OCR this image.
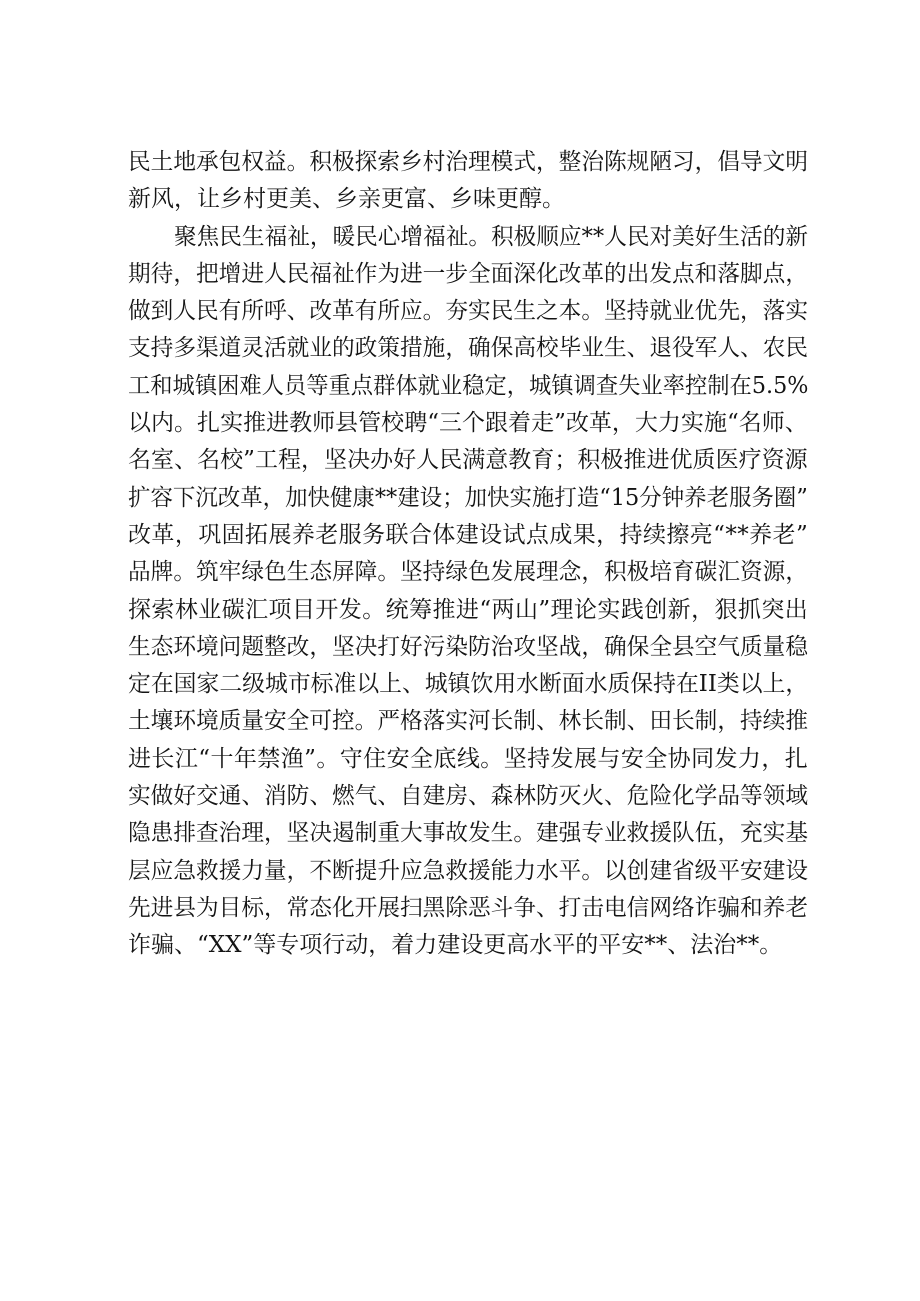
民 土 地 承 包 权 益 。 积 极 探 索 乡 村 治 理 模 式 ， 整 治 陈 规 陋 习 ， 倡 导 文 明
新风，让乡村更美、乡亲更富、乡味更醇。
聚 焦 民 生 福 祉 ， 暖 民 心 增 福 祉 。 积 极 顺 应 * * 人 民 对 美 好 生 活 的 新
期 待 ， 把 增 进 人 民 福 祉 作 为 进 一 步 全 面 深 化 改 革 的 出 发 点 和 落 脚 点 ，
做 到 人 民 有 所 呼 、 改 革 有 所 应 。 夯 实 民 生 之 本 。 坚 持 就 业 优 先 ， 落 实
支 持 多 渠 道 灵 活 就 业 的 政 策 措 施 ， 确 保 高 校 毕 业 生 、 退 役 军 人 、 农 民
工 和 城 镇 困 难 人 员 等 重 点 群 体 就 业 稳 定 ， 城 镇 调 查 失 业 率 控 制 在 5 . 5 %
以 内 。 扎 实 推 进 教 师 县 管 校 聘 “ 三 个 跟 着 走 ” 改 革 ， 大 力 实 施 “ 名 师 、
名 室 、 名 校 ” 工 程 ， 坚 决 办 好 人 民 满 意 教 育 ； 积 极 推 进 优 质 医 疗 资 源
扩 容 下 沉 改 革 ， 加 快 健 康 * * 建 设 ； 加 快 实 施 打 造 “ 1 5 分 钟 养 老 服 务 圈 ”
改 革 ， 巩 固 拓 展 养 老 服 务 联 合 体 建 设 试 点 成 果 ， 持 续 擦 亮 “ * * 养 老 ”
品 牌 。 筑 牢 绿 色 生 态 屏 障 。 坚 持 绿 色 发 展 理 念 ， 积 极 培 育 碳 汇 资 源 ，
探 索 林 业 碳 汇 项 目 开 发 。 统 筹 推 进 “ 两 山 ” 理 论 实 践 创 新 ， 狠 抓 突 出
生 态 环 境 问 题 整 改 ， 坚 决 打 好 污 染 防 治 攻 坚 战 ， 确 保 全 县 空 气 质 量 稳
定 在 国 家 二 级 城 市 标 准 以 上 、 城 镇 饮 用 水 断 面 水 质 保 持 在 I I 类 以 上 ，
土 壤 环 境 质 量 安 全 可 控 。 严 格 落 实 河 长 制 、 林 长 制 、 田 长 制 ， 持 续 推
进 长 江 “ 十 年 禁 渔 ” 。 守 住 安 全 底 线 。 坚 持 发 展 与 安 全 协 同 发 力 ， 扎
实 做 好 交 通 、 消 防 、 燃 气 、 自 建 房 、 森 林 防 灭 火 、 危 险 化 学 品 等 领 域
隐 患 排 查 治 理 ， 坚 决 遏 制 重 大 事 故 发 生 。 建 强 专 业 救 援 队 伍 ， 充 实 基
层 应 急 救 援 力 量 ， 不 断 提 升 应 急 救 援 能 力 水 平 。 以 创 建 省 级 平 安 建 设
先 进 县 为 目 标 ， 常 态 化 开 展 扫 黑 除 恶 斗 争 、 打 击 电 信 网 络 诈 骗 和 养 老
诈骗、“XX”等专项行动，着力建设更高水平的平安**、法治**。
